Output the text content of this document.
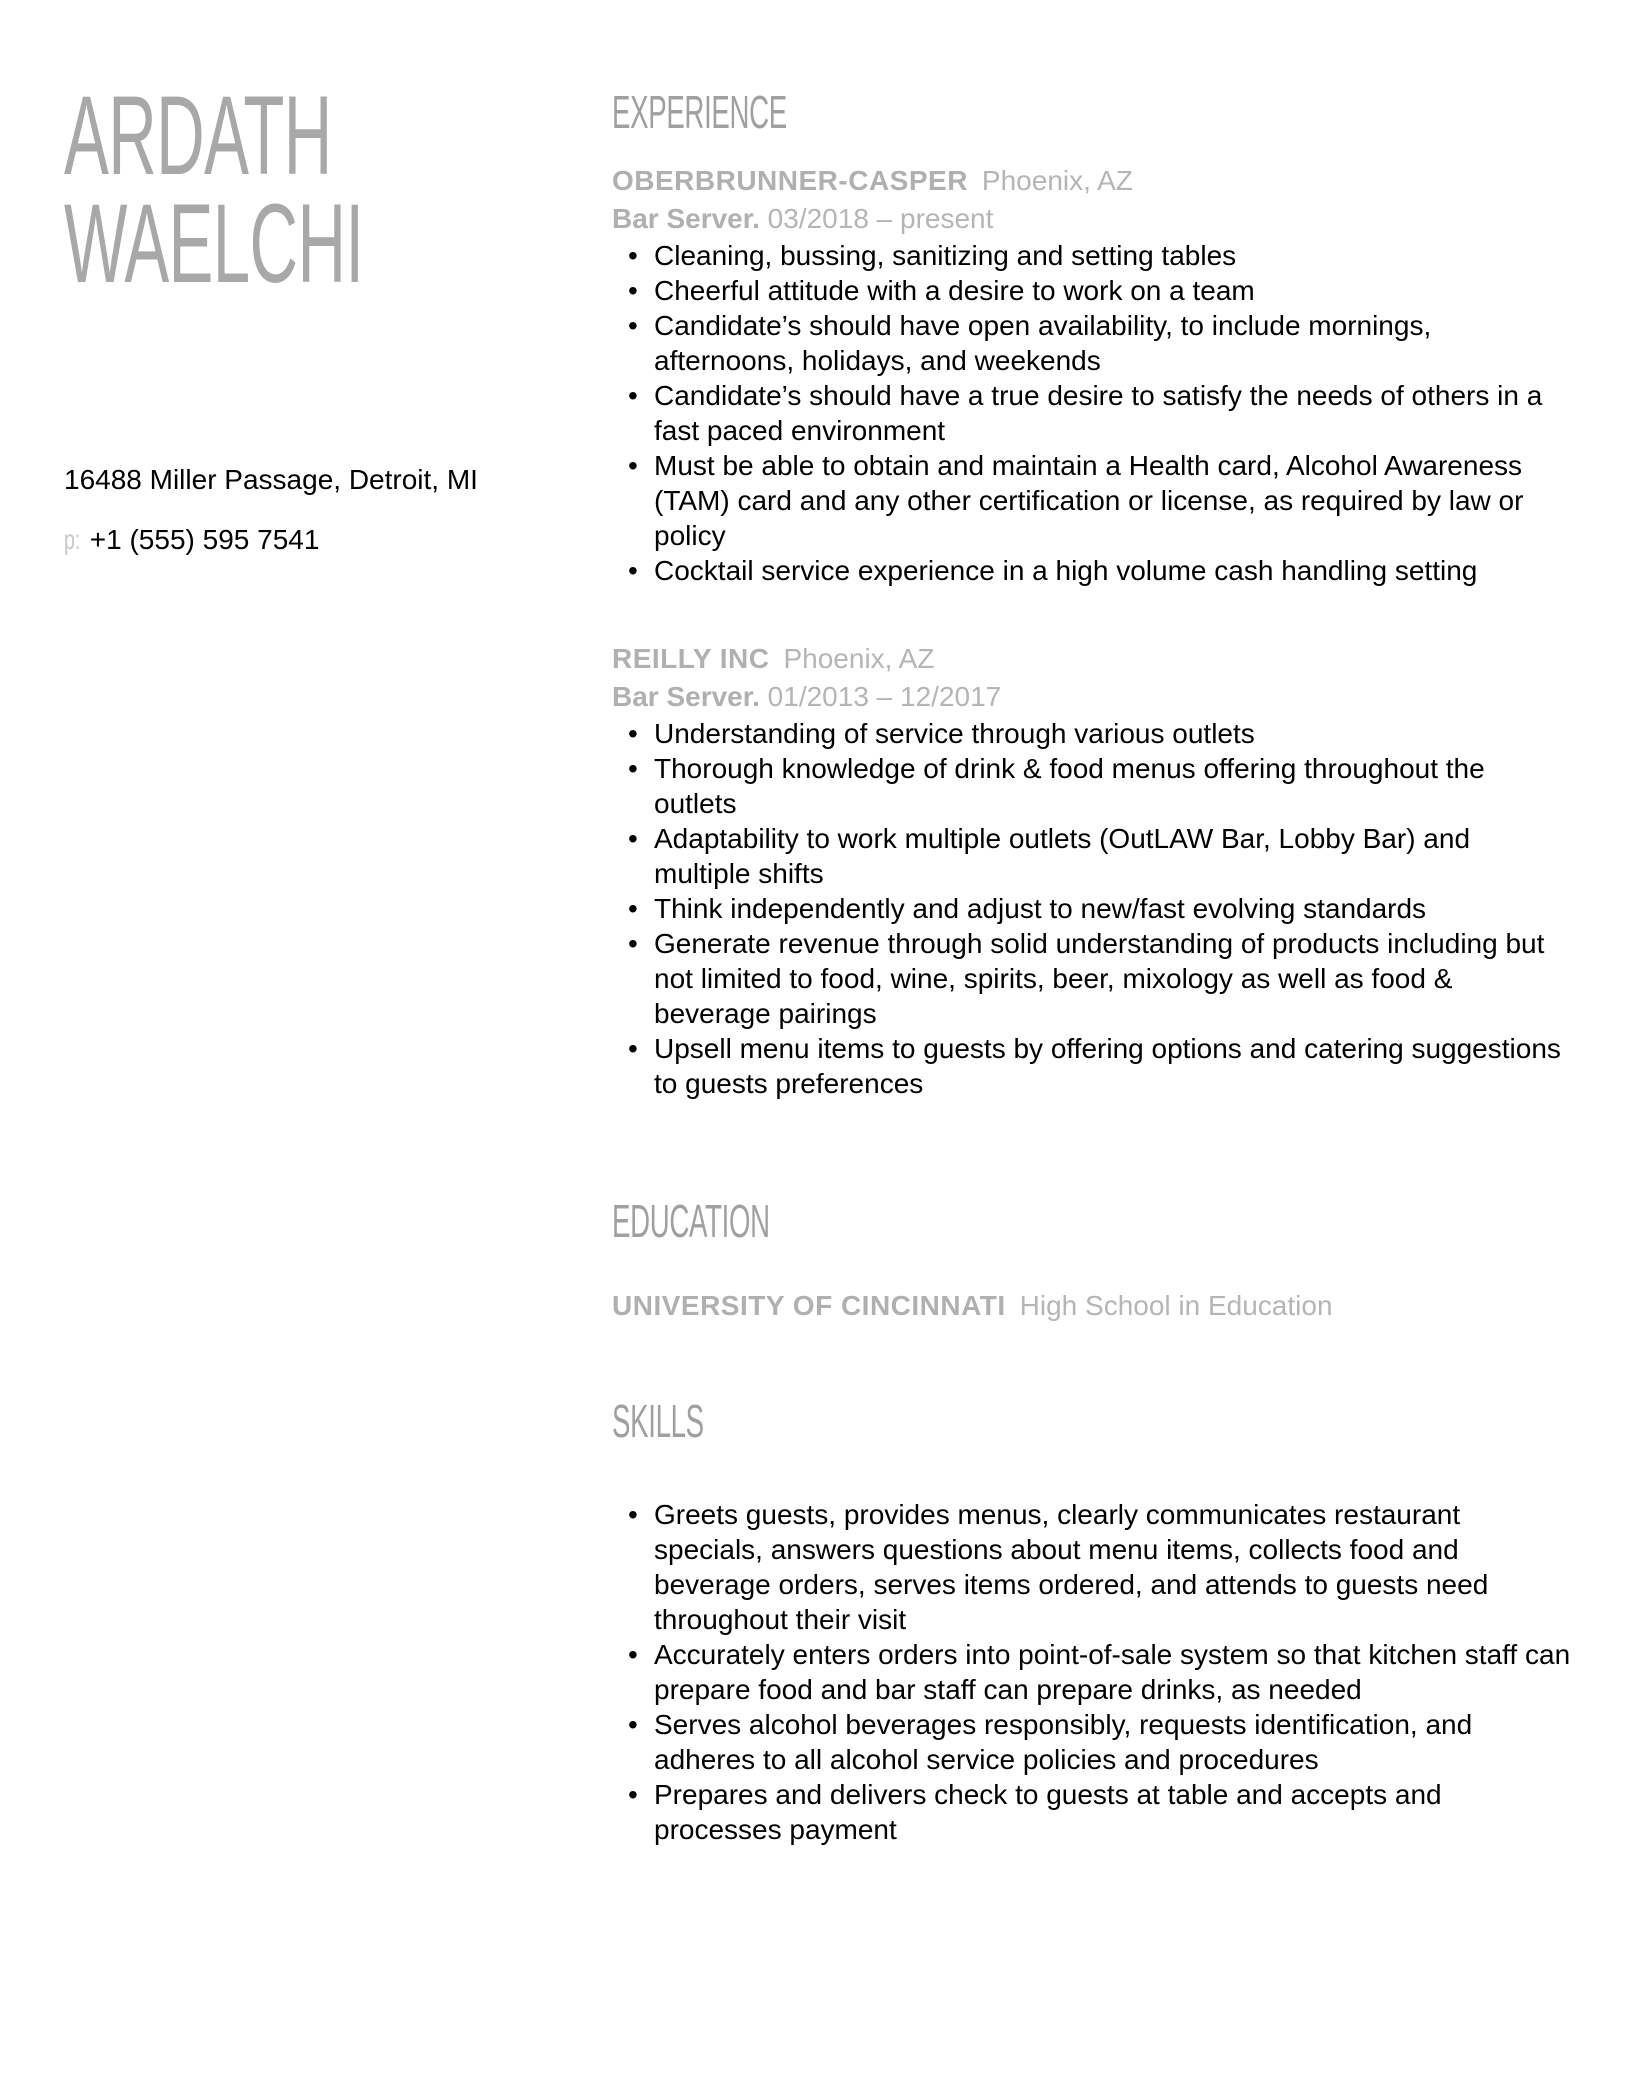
ARDATH
WAELCHI

16488 Miller Passage, Detroit, MI

p: +1 (555) 595 7541

EXPERIENCE
OBERBRUNNER-CASPER Phoenix, AZ
Bar Server. 03/2018 – present
• Cleaning, bussing, sanitizing and setting tables
• Cheerful attitude with a desire to work on a team
• Candidate’s should have open availability, to include mornings, afternoons, holidays, and weekends
• Candidate’s should have a true desire to satisfy the needs of others in a fast paced environment
• Must be able to obtain and maintain a Health card, Alcohol Awareness (TAM) card and any other certification or license, as required by law or policy
• Cocktail service experience in a high volume cash handling setting
REILLY INC Phoenix, AZ
Bar Server. 01/2013 – 12/2017
• Understanding of service through various outlets
• Thorough knowledge of drink & food menus offering throughout the outlets
• Adaptability to work multiple outlets (OutLAW Bar, Lobby Bar) and multiple shifts
• Think independently and adjust to new/fast evolving standards
• Generate revenue through solid understanding of products including but not limited to food, wine, spirits, beer, mixology as well as food & beverage pairings
• Upsell menu items to guests by offering options and catering suggestions to guests preferences
EDUCATION
UNIVERSITY OF CINCINNATI High School in Education
SKILLS
• Greets guests, provides menus, clearly communicates restaurant specials, answers questions about menu items, collects food and beverage orders, serves items ordered, and attends to guests need throughout their visit
• Accurately enters orders into point-of-sale system so that kitchen staff can prepare food and bar staff can prepare drinks, as needed
• Serves alcohol beverages responsibly, requests identification, and adheres to all alcohol service policies and procedures
• Prepares and delivers check to guests at table and accepts and processes payment
